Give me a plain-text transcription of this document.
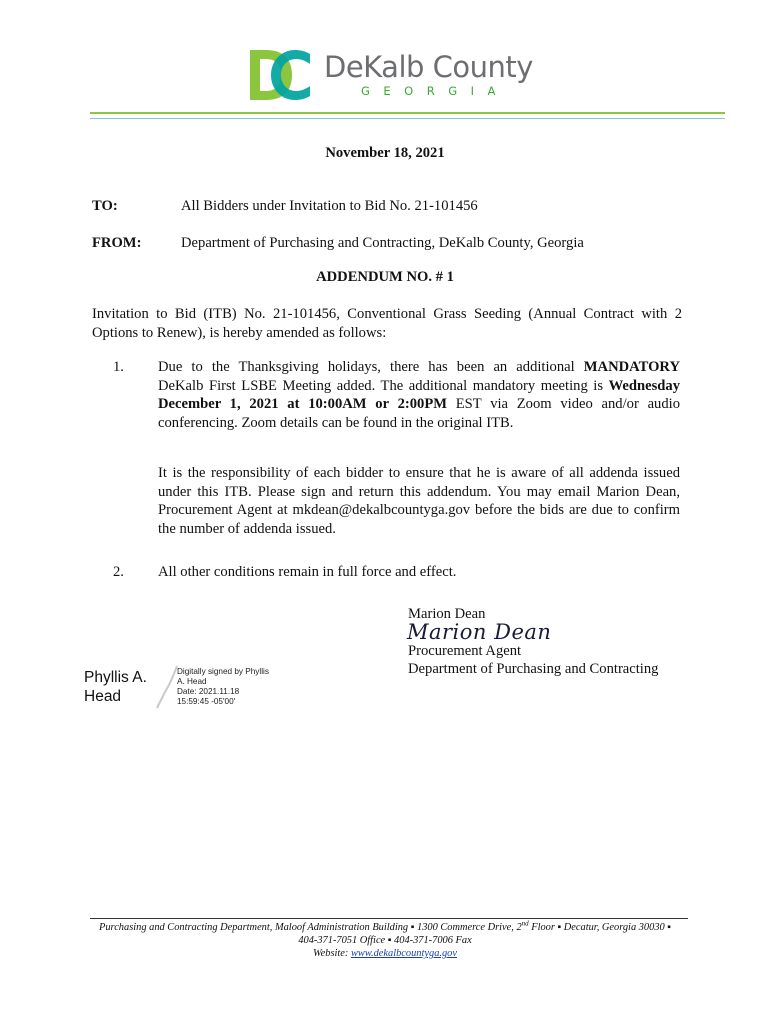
DeKalb County
GEORGIA
November 18, 2021
TO:	All Bidders under Invitation to Bid No. 21-101456
FROM:	Department of Purchasing and Contracting, DeKalb County, Georgia
ADDENDUM NO. # 1
Invitation to Bid (ITB) No. 21-101456, Conventional Grass Seeding (Annual Contract with 2
Options to Renew), is hereby amended as follows:
1. Due to the Thanksgiving holidays, there has been an additional MANDATORY
DeKalb First LSBE Meeting added. The additional mandatory meeting is Wednesday
December 1, 2021 at 10:00AM or 2:00PM EST via Zoom video and/or audio
conferencing. Zoom details can be found in the original ITB.
It is the responsibility of each bidder to ensure that he is aware of all addenda issued
under this ITB. Please sign and return this addendum. You may email Marion Dean,
Procurement Agent at mkdean@dekalbcountyga.gov before the bids are due to confirm
the number of addenda issued.
2. All other conditions remain in full force and effect.
Marion Dean
Marion Dean
Procurement Agent
Department of Purchasing and Contracting
Phyllis A.
Head
Digitally signed by Phyllis
A. Head
Date: 2021.11.18
15:59:45 -05'00'
Purchasing and Contracting Department, Maloof Administration Building ▪ 1300 Commerce Drive, 2nd Floor ▪ Decatur, Georgia 30030 ▪
404-371-7051 Office ▪ 404-371-7006 Fax
Website: www.dekalbcountyga.gov
